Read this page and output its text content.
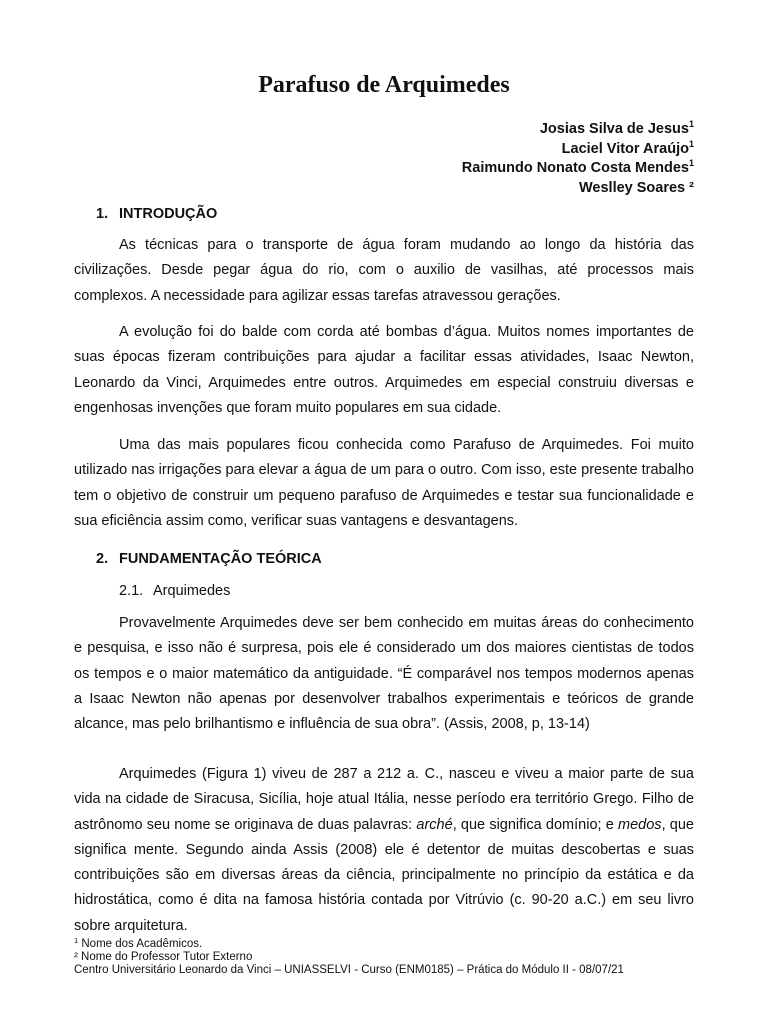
Parafuso de Arquimedes
Josias Silva de Jesus$^1$
Laciel Vitor Araújo$^1$
Raimundo Nonato Costa Mendes$^1$
Weslley Soares ²
1. INTRODUÇÃO

As técnicas para o transporte de água foram mudando ao longo da história das civilizações. Desde pegar água do rio, com o auxilio de vasilhas, até processos mais complexos. A necessidade para agilizar essas tarefas atravessou gerações.

A evolução foi do balde com corda até bombas d’água. Muitos nomes importantes de suas épocas fizeram contribuições para ajudar a facilitar essas atividades, Isaac Newton, Leonardo da Vinci, Arquimedes entre outros. Arquimedes em especial construiu diversas e engenhosas invenções que foram muito populares em sua cidade.

Uma das mais populares ficou conhecida como Parafuso de Arquimedes. Foi muito utilizado nas irrigações para elevar a água de um para o outro. Com isso, este presente trabalho tem o objetivo de construir um pequeno parafuso de Arquimedes e testar sua funcionalidade e sua eficiência assim como, verificar suas vantagens e desvantagens.

2. FUNDAMENTAÇÃO TEÓRICA
2.1. Arquimedes

Provavelmente Arquimedes deve ser bem conhecido em muitas áreas do conhecimento e pesquisa, e isso não é surpresa, pois ele é considerado um dos maiores cientistas de todos os tempos e o maior matemático da antiguidade. “É comparável nos tempos modernos apenas a Isaac Newton não apenas por desenvolver trabalhos experimentais e teóricos de grande alcance, mas pelo brilhantismo e influência de sua obra”. (Assis, 2008, p, 13-14)

Arquimedes (Figura 1) viveu de 287 a 212 a. C., nasceu e viveu a maior parte de sua vida na cidade de Siracusa, Sicília, hoje atual Itália, nesse período era território Grego. Filho de astrônomo seu nome se originava de duas palavras: arché, que significa domínio; e medos, que significa mente. Segundo ainda Assis (2008) ele é detentor de muitas descobertas e suas contribuições são em diversas áreas da ciência, principalmente no princípio da estática e da hidrostática, como é dita na famosa história contada por Vitrúvio (c. 90-20 a.C.) em seu livro sobre arquitetura.

$^1$ Nome dos Acadêmicos.
² Nome do Professor Tutor Externo
Centro Universitário Leonardo da Vinci – UNIASSELVI - Curso (ENM0185) – Prática do Módulo II - 08/07/21
